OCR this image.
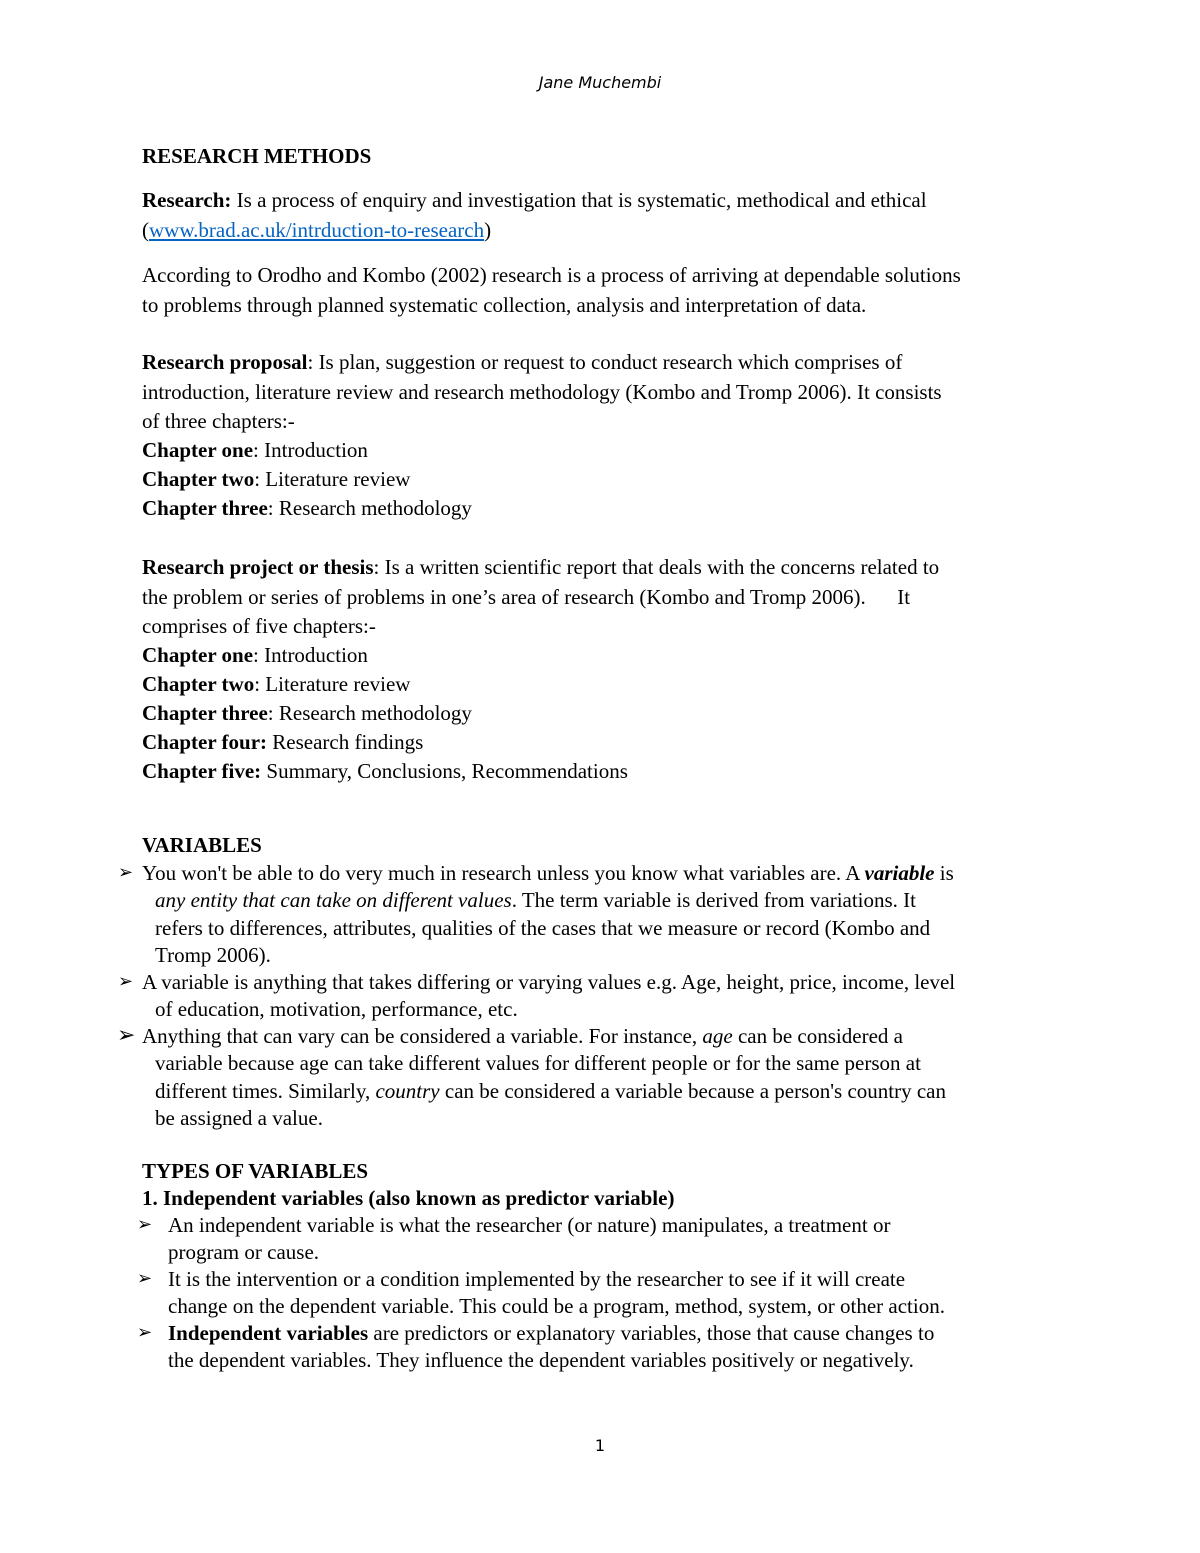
Jane Muchembi
RESEARCH METHODS
Research: Is a process of enquiry and investigation that is systematic, methodical and ethical
(www.brad.ac.uk/intrduction-to-research)
According to Orodho and Kombo (2002) research is a process of arriving at dependable solutions
to problems through planned systematic collection, analysis and interpretation of data.
Research proposal: Is plan, suggestion or request to conduct research which comprises of
introduction, literature review and research methodology (Kombo and Tromp 2006). It consists
of three chapters:-
Chapter one: Introduction
Chapter two: Literature review
Chapter three: Research methodology
Research project or thesis: Is a written scientific report that deals with the concerns related to
the problem or series of problems in one’s area of research (Kombo and Tromp 2006).      It
comprises of five chapters:-
Chapter one: Introduction
Chapter two: Literature review
Chapter three: Research methodology
Chapter four: Research findings
Chapter five: Summary, Conclusions, Recommendations
VARIABLES
➢ You won't be able to do very much in research unless you know what variables are. A variable is
any entity that can take on different values. The term variable is derived from variations. It
refers to differences, attributes, qualities of the cases that we measure or record (Kombo and
Tromp 2006).
➢ A variable is anything that takes differing or varying values e.g. Age, height, price, income, level
of education, motivation, performance, etc.
➢ Anything that can vary can be considered a variable. For instance, age can be considered a
variable because age can take different values for different people or for the same person at
different times. Similarly, country can be considered a variable because a person's country can
be assigned a value.
TYPES OF VARIABLES
1. Independent variables (also known as predictor variable)
➢ An independent variable is what the researcher (or nature) manipulates, a treatment or
program or cause.
➢ It is the intervention or a condition implemented by the researcher to see if it will create
change on the dependent variable. This could be a program, method, system, or other action.
➢ Independent variables are predictors or explanatory variables, those that cause changes to
the dependent variables. They influence the dependent variables positively or negatively.
1
